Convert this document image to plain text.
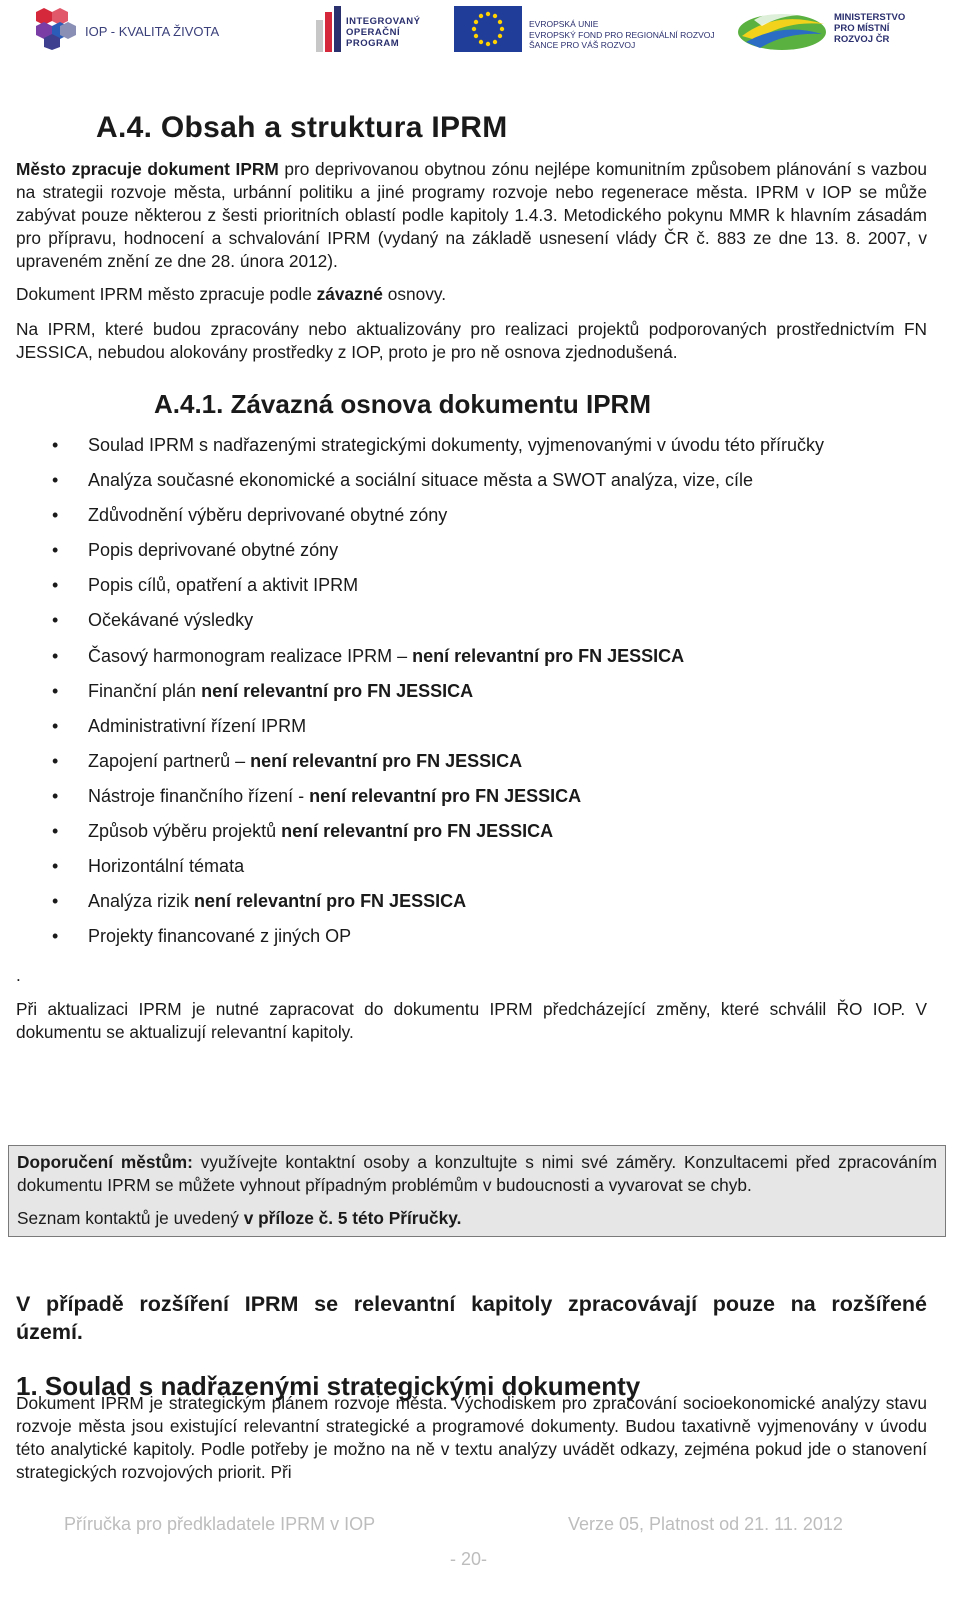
IOP - KVALITA ŽIVOTA
INTEGROVANÝ
OPERAČNÍ
PROGRAM
EVROPSKÁ UNIE
EVROPSKÝ FOND PRO REGIONÁLNÍ ROZVOJ
ŠANCE PRO VÁŠ ROZVOJ
MINISTERSTVO
PRO MÍSTNÍ
ROZVOJ ČR
A.4. Obsah a struktura IPRM

Město zpracuje dokument IPRM pro deprivovanou obytnou zónu nejlépe komunitním způsobem plánování s vazbou na strategii rozvoje města, urbánní politiku a jiné programy rozvoje nebo regenerace města. IPRM v IOP se může zabývat pouze některou z šesti prioritních oblastí podle kapitoly 1.4.3. Metodického pokynu MMR k hlavním zásadám pro přípravu, hodnocení a schvalování IPRM (vydaný na základě usnesení vlády ČR č. 883 ze dne 13. 8. 2007, v upraveném znění ze dne 28. února 2012).

Dokument IPRM město zpracuje podle závazné osnovy.

Na IPRM, které budou zpracovány nebo aktualizovány pro realizaci projektů podporovaných prostřednictvím FN JESSICA, nebudou alokovány prostředky z IOP, proto je pro ně osnova zjednodušená.

A.4.1. Závazná osnova dokumentu IPRM
• Soulad IPRM s nadřazenými strategickými dokumenty, vyjmenovanými v úvodu této příručky
• Analýza současné ekonomické a sociální situace města a SWOT analýza, vize, cíle
• Zdůvodnění výběru deprivované obytné zóny
• Popis deprivované obytné zóny
• Popis cílů, opatření a aktivit IPRM
• Očekávané výsledky
• Časový harmonogram realizace IPRM – není relevantní pro FN JESSICA
• Finanční plán není relevantní pro FN JESSICA
• Administrativní řízení IPRM
• Zapojení partnerů – není relevantní pro FN JESSICA
• Nástroje finančního řízení - není relevantní pro FN JESSICA
• Způsob výběru projektů není relevantní pro FN JESSICA
• Horizontální témata
• Analýza rizik není relevantní pro FN JESSICA
• Projekty financované z jiných OP
.

Při aktualizaci IPRM je nutné zapracovat do dokumentu IPRM předcházející změny, které schválil ŘO IOP. V dokumentu se aktualizují relevantní kapitoly.

Doporučení městům: využívejte kontaktní osoby a konzultujte s nimi své záměry. Konzultacemi před zpracováním dokumentu IPRM se můžete vyhnout případným problémům v budoucnosti a vyvarovat se chyb.

Seznam kontaktů je uvedený v příloze č. 5 této Příručky.

V případě rozšíření IPRM se relevantní kapitoly zpracovávají pouze na rozšířené území.

1. Soulad s nadřazenými strategickými dokumenty

Dokument IPRM je strategickým plánem rozvoje města. Východiskem pro zpracování socioekonomické analýzy stavu rozvoje města jsou existující relevantní strategické a programové dokumenty. Budou taxativně vyjmenovány v úvodu této analytické kapitoly. Podle potřeby je možno na ně v textu analýzy uvádět odkazy, zejména pokud jde o stanovení strategických rozvojových priorit. Při

Příručka pro předkladatele IPRM v IOP	Verze 05, Platnost od 21. 11. 2012
- 20-
